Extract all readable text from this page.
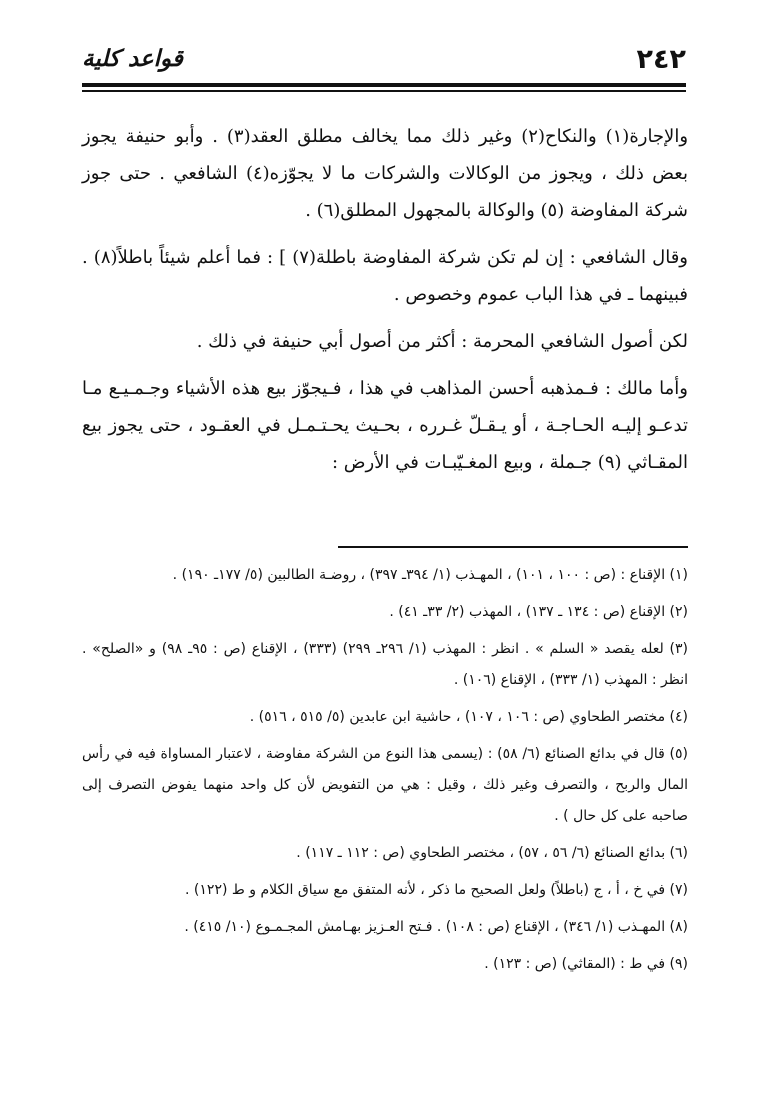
٢٤٢
قواعد كلية

والإجارة(١) والنكاح(٢) وغير ذلك مما يخالف مطلق العقد(٣) . وأبو حنيفة يجوز بعض ذلك ، ويجوز من الوكالات والشركات ما لا يجوّزه(٤) الشافعي . حتى جوز شركة المفاوضة (٥) والوكالة بالمجهول المطلق(٦) .

وقال الشافعي : إن لم تكن شركة المفاوضة باطلة(٧) ] : فما أعلم شيئاً باطلاً(٨) . فبينهما ـ في هذا الباب عموم وخصوص .

لكن أصول الشافعي المحرمة : أكثر من أصول أبي حنيفة في ذلك .

وأما مالك : فـمذهبه أحسن المذاهب في هذا ، فـيجوّز بيع هذه الأشياء وجـمـيـع مـا تدعـو إليـه الحـاجـة ، أو يـقـلّ غـرره ، بحـيث يحـتـمـل في العقـود ، حتى يجوز بيع المقـاثي (٩) جـملة ، وبيع المغـيّبـات في الأرض :

(١) الإقناع : (ص : ١٠٠ ، ١٠١) ، المهـذب (١/ ٣٩٤ـ ٣٩٧) ، روضـة الطالبين (٥/ ١٧٧ـ ١٩٠) .

(٢) الإقناع (ص : ١٣٤ ـ ١٣٧) ، المهذب (٢/ ٣٣ـ ٤١) .

(٣) لعله يقصد « السلم » . انظر : المهذب (١/ ٢٩٦ـ ٢٩٩) (٣٣٣) ، الإقناع (ص : ٩٥ـ ٩٨) و «الصلح» . انظر : المهذب (١/ ٣٣٣) ، الإقناع (١٠٦) .

(٤) مختصر الطحاوي (ص : ١٠٦ ، ١٠٧) ، حاشية ابن عابدين (٥/ ٥١٥ ، ٥١٦) .

(٥) قال في بدائع الصنائع (٦/ ٥٨) : (يسمى هذا النوع من الشركة مفاوضة ، لاعتبار المساواة فيه في رأس المال والربح ، والتصرف وغير ذلك ، وقيل : هي من التفويض لأن كل واحد منهما يفوض التصرف إلى صاحبه على كل حال ) .

(٦) بدائع الصنائع (٦/ ٥٦ ، ٥٧) ، مختصر الطحاوي (ص : ١١٢ ـ ١١٧) .

(٧) في خ ، أ ، ج (باطلاً) ولعل الصحيح ما ذكر ، لأنه المتفق مع سياق الكلام و ط (١٢٢) .

(٨) المهـذب (١/ ٣٤٦) ، الإقناع (ص : ١٠٨) . فـتح العـزيز بهـامش المجـمـوع (١٠/ ٤١٥) .

(٩) في ط : (المقاثي) (ص : ١٢٣) .
